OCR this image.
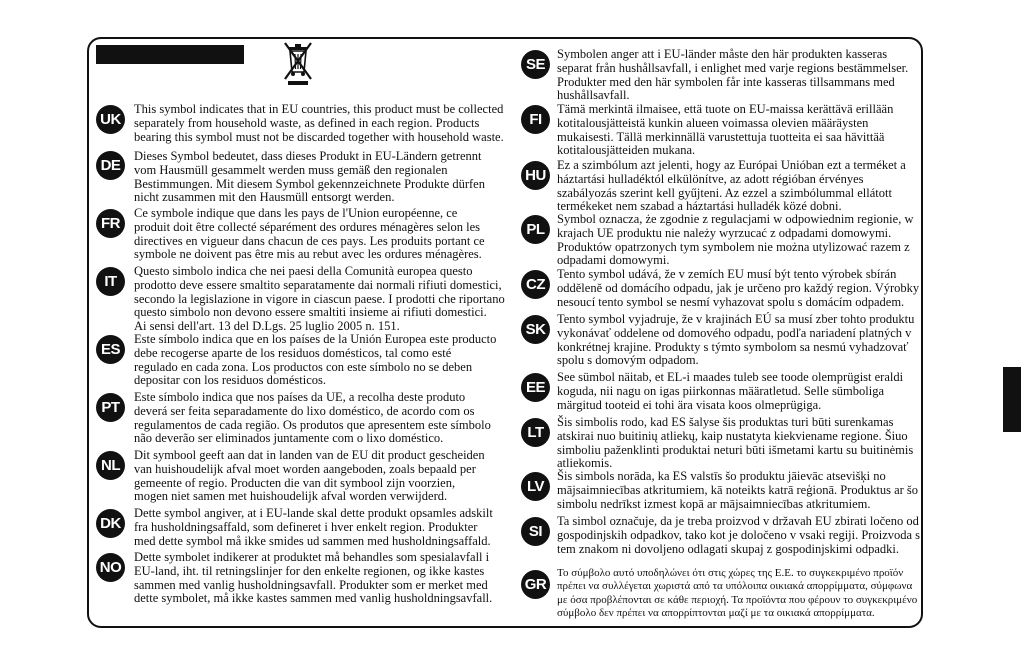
UK
This symbol indicates that in EU countries, this product must be collected
separately from household waste, as defined in each region. Products
bearing this symbol must not be discarded together with household waste.
DE
Dieses Symbol bedeutet, dass dieses Produkt in EU-Ländern getrennt
vom Hausmüll gesammelt werden muss gemäß den regionalen
Bestimmungen. Mit diesem Symbol gekennzeichnete Produkte dürfen
nicht zusammen mit den Hausmüll entsorgt werden.
FR
Ce symbole indique que dans les pays de l'Union européenne, ce
produit doit être collecté séparément des ordures ménagères selon les
directives en vigueur dans chacun de ces pays. Les produits portant ce
symbole ne doivent pas être mis au rebut avec les ordures ménagères.
IT
Questo simbolo indica che nei paesi della Comunità europea questo
prodotto deve essere smaltito separatamente dai normali rifiuti domestici,
secondo la legislazione in vigore in ciascun paese. I prodotti che riportano
questo simbolo non devono essere smaltiti insieme ai rifiuti domestici.
Ai sensi dell'art. 13 del D.Lgs. 25 luglio 2005 n. 151.
ES
Este símbolo indica que en los países de la Unión Europea este producto
debe recogerse aparte de los residuos domésticos, tal como esté
regulado en cada zona. Los productos con este símbolo no se deben
depositar con los residuos domésticos.
PT
Este símbolo indica que nos países da UE, a recolha deste produto
deverá ser feita separadamente do lixo doméstico, de acordo com os
regulamentos de cada região. Os produtos que apresentem este símbolo
não deverão ser eliminados juntamente com o lixo doméstico.
NL
Dit symbool geeft aan dat in landen van de EU dit product gescheiden
van huishoudelijk afval moet worden aangeboden, zoals bepaald per
gemeente of regio. Producten die van dit symbool zijn voorzien,
mogen niet samen met huishoudelijk afval worden verwijderd.
DK
Dette symbol angiver, at i EU-lande skal dette produkt opsamles adskilt
fra husholdningsaffald, som defineret i hver enkelt region. Produkter
med dette symbol må ikke smides ud sammen med husholdningsaffald.
NO
Dette symbolet indikerer at produktet må behandles som spesialavfall i
EU-land, iht. til retningslinjer for den enkelte regionen, og ikke kastes
sammen med vanlig husholdningsavfall. Produkter som er merket med
dette symbolet, må ikke kastes sammen med vanlig husholdningsavfall.
SE
Symbolen anger att i EU-länder måste den här produkten kasseras
separat från hushållsavfall, i enlighet med varje regions bestämmelser.
Produkter med den här symbolen får inte kasseras tillsammans med
hushållsavfall.
FI
Tämä merkintä ilmaisee, että tuote on EU-maissa kerättävä erillään
kotitalousjätteistä kunkin alueen voimassa olevien määräysten
mukaisesti. Tällä merkinnällä varustettuja tuotteita ei saa hävittää
kotitalousjätteiden mukana.
HU
Ez a szimbólum azt jelenti, hogy az Európai Unióban ezt a terméket a
háztartási hulladéktól elkülönítve, az adott régióban érvényes
szabályozás szerint kell gyűjteni. Az ezzel a szimbólummal ellátott
termékeket nem szabad a háztartási hulladék közé dobni.
PL
Symbol oznacza, że zgodnie z regulacjami w odpowiednim regionie, w
krajach UE produktu nie należy wyrzucać z odpadami domowymi.
Produktów opatrzonych tym symbolem nie można utylizować razem z
odpadami domowymi.
CZ
Tento symbol udává, že v zemích EU musí být tento výrobek sbírán
odděleně od domácího odpadu, jak je určeno pro každý region. Výrobky
nesoucí tento symbol se nesmí vyhazovat spolu s domácím odpadem.
SK
Tento symbol vyjadruje, že v krajinách EÚ sa musí zber tohto produktu
vykonávať oddelene od domového odpadu, podľa nariadení platných v
konkrétnej krajine. Produkty s týmto symbolom sa nesmú vyhadzovať
spolu s domovým odpadom.
EE
See sümbol näitab, et EL-i maades tuleb see toode olemprügist eraldi
koguda, nii nagu on igas piirkonnas määratletud. Selle sümboliga
märgitud tooteid ei tohi ära visata koos olmeprügiga.
LT
Šis simbolis rodo, kad ES šalyse šis produktas turi būti surenkamas
atskirai nuo buitinių atliekų, kaip nustatyta kiekviename regione. Šiuo
simboliu paženklinti produktai neturi būti išmetami kartu su buitinėmis
atliekomis.
LV
Šis simbols norāda, ka ES valstīs šo produktu jāievāc atsevišķi no
mājsaimniecības atkritumiem, kā noteikts katrā reģionā. Produktus ar šo
simbolu nedrīkst izmest kopā ar mājsaimniecības atkritumiem.
SI
Ta simbol označuje, da je treba proizvod v državah EU zbirati ločeno od
gospodinjskih odpadkov, tako kot je določeno v vsaki regiji. Proizvoda s
tem znakom ni dovoljeno odlagati skupaj z gospodinjskimi odpadki.
GR
Το σύμβολο αυτό υποδηλώνει ότι στις χώρες της Ε.Ε. το συγκεκριμένο προϊόν
πρέπει να συλλέγεται χωριστά από τα υπόλοιπα οικιακά απορρίμματα, σύμφωνα
με όσα προβλέπονται σε κάθε περιοχή. Τα προϊόντα που φέρουν το συγκεκριμένο
σύμβολο δεν πρέπει να απορρίπτονται μαζί με τα οικιακά απορρίμματα.
